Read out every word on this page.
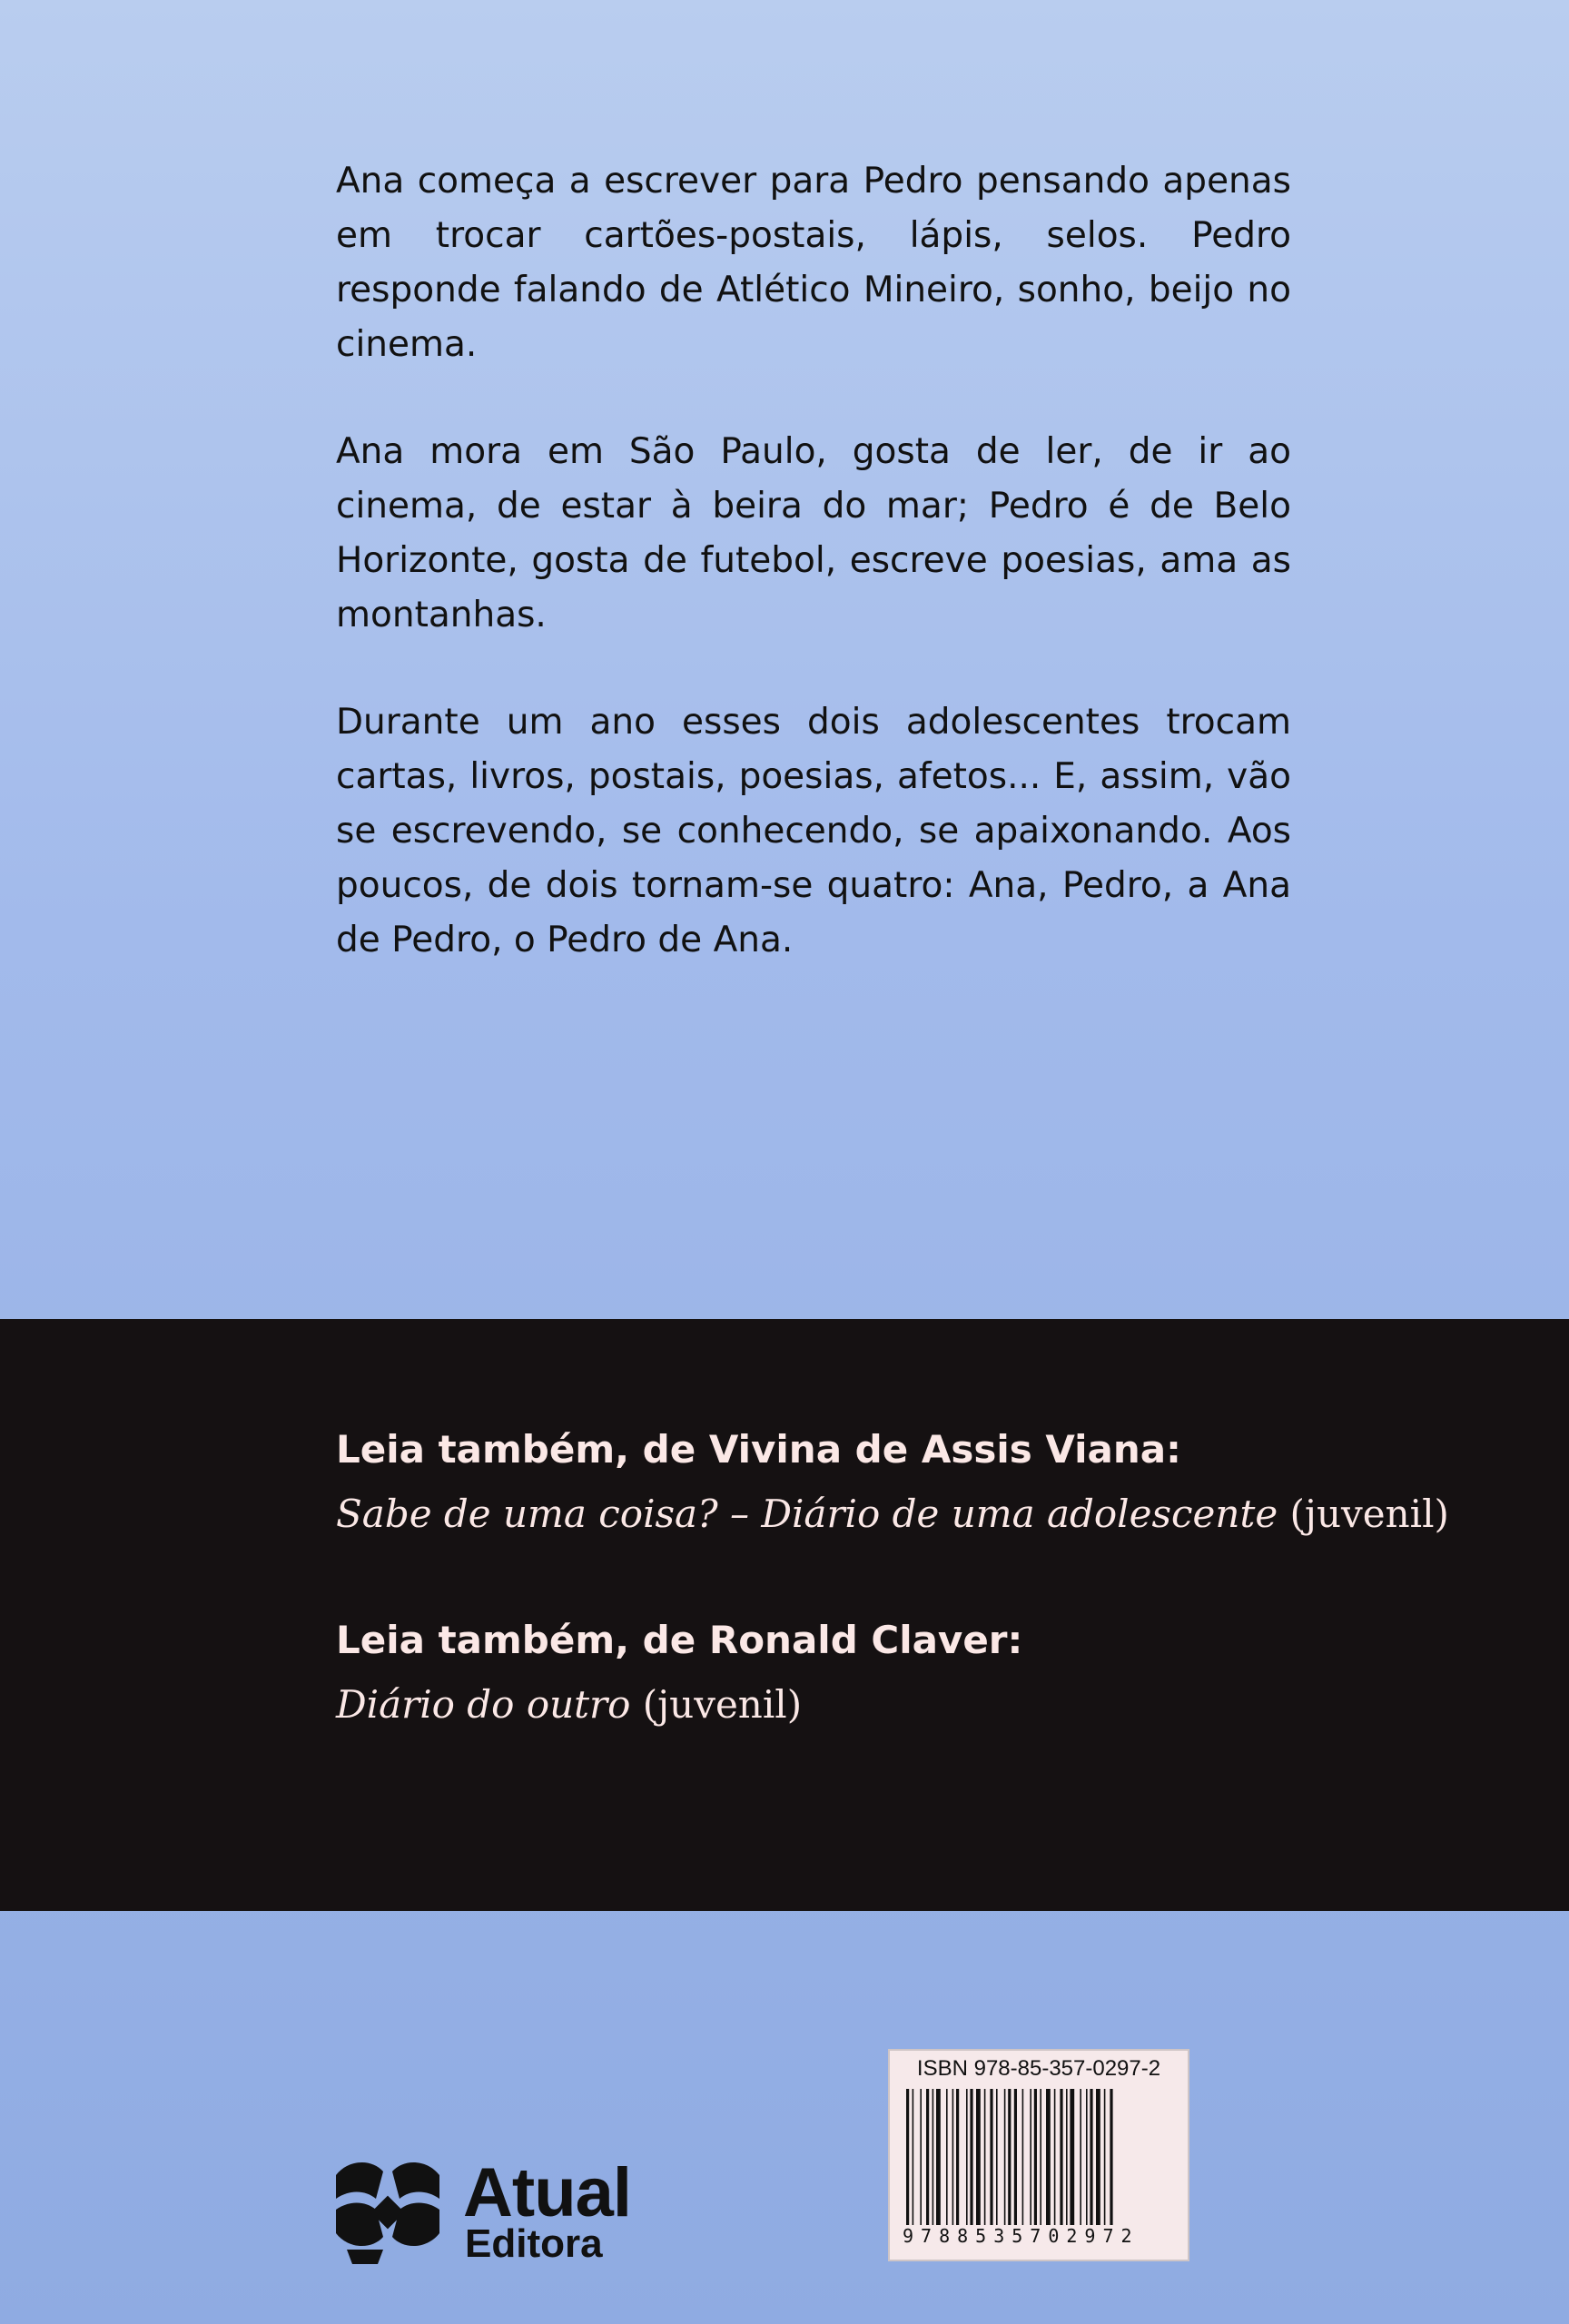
Ana começa a escrever para Pedro pensando apenas em trocar cartões-postais, lápis, selos. Pedro responde falando de Atlético Mineiro, sonho, beijo no cinema.

Ana mora em São Paulo, gosta de ler, de ir ao cinema, de estar à beira do mar; Pedro é de Belo Horizonte, gosta de futebol, escreve poesias, ama as montanhas.

Durante um ano esses dois adolescentes trocam cartas, livros, postais, poesias, afetos... E, assim, vão se escrevendo, se conhecendo, se apaixonando. Aos poucos, de dois tornam-se quatro: Ana, Pedro, a Ana de Pedro, o Pedro de Ana.

Leia também, de Vivina de Assis Viana:
Sabe de uma coisa? – Diário de uma adolescente (juvenil)
Leia também, de Ronald Claver:
Diário do outro (juvenil)
Atual
Editora
ISBN 978-85-357-0297-2
9788535702972
